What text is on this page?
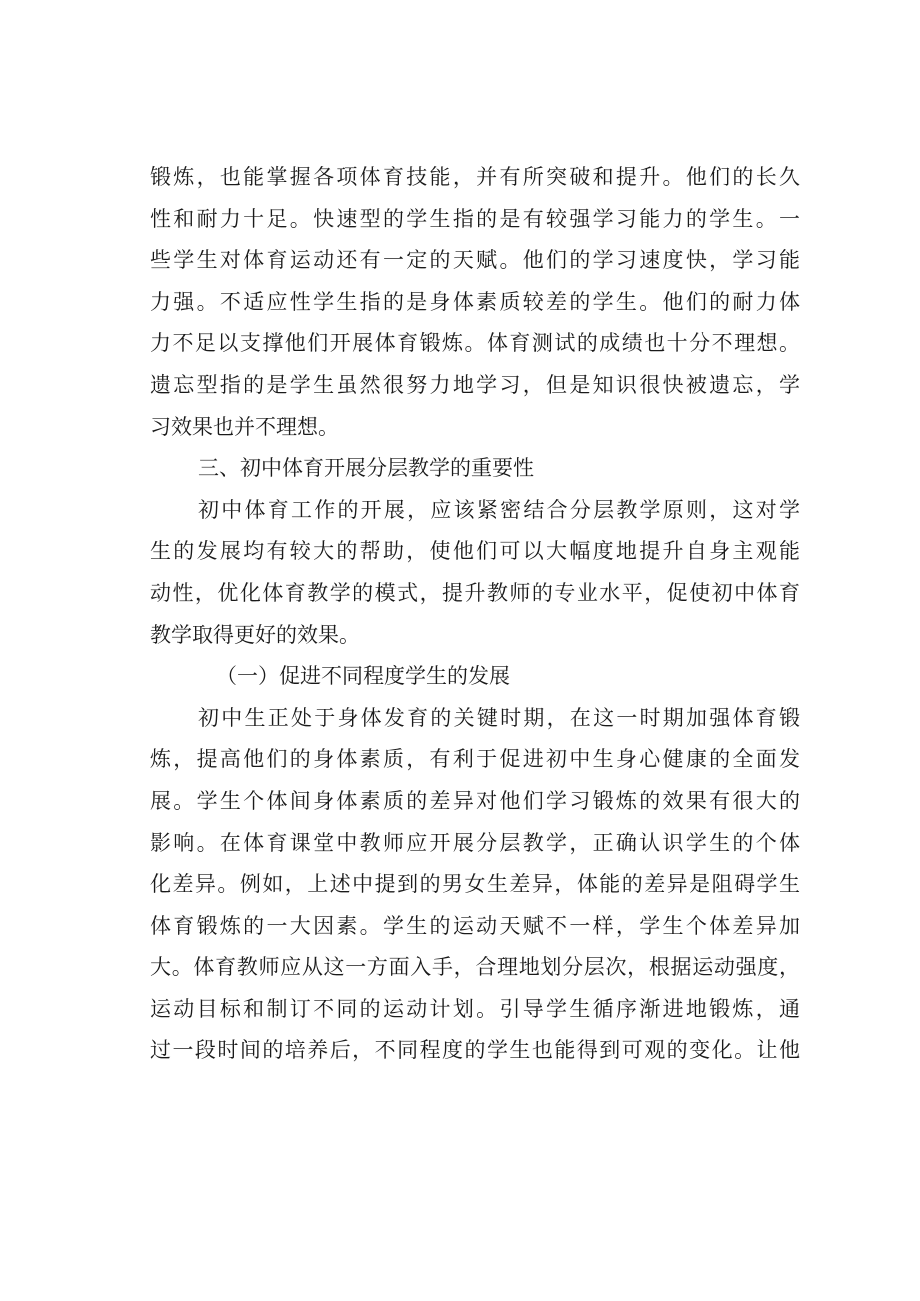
锻炼，也能掌握各项体育技能，并有所突破和提升。他们的长久
性和耐力十足。快速型的学生指的是有较强学习能力的学生。一
些学生对体育运动还有一定的天赋。他们的学习速度快，学习能
力强。不适应性学生指的是身体素质较差的学生。他们的耐力体
力不足以支撑他们开展体育锻炼。体育测试的成绩也十分不理想。
遗忘型指的是学生虽然很努力地学习，但是知识很快被遗忘，学
习效果也并不理想。
三、初中体育开展分层教学的重要性
初中体育工作的开展，应该紧密结合分层教学原则，这对学
生的发展均有较大的帮助，使他们可以大幅度地提升自身主观能
动性，优化体育教学的模式，提升教师的专业水平，促使初中体育
教学取得更好的效果。
（一）促进不同程度学生的发展
初中生正处于身体发育的关键时期，在这一时期加强体育锻
炼，提高他们的身体素质，有利于促进初中生身心健康的全面发
展。学生个体间身体素质的差异对他们学习锻炼的效果有很大的
影响。在体育课堂中教师应开展分层教学，正确认识学生的个体
化差异。例如，上述中提到的男女生差异，体能的差异是阻碍学生
体育锻炼的一大因素。学生的运动天赋不一样，学生个体差异加
大。体育教师应从这一方面入手，合理地划分层次，根据运动强度，
运动目标和制订不同的运动计划。引导学生循序渐进地锻炼，通
过一段时间的培养后，不同程度的学生也能得到可观的变化。让他
